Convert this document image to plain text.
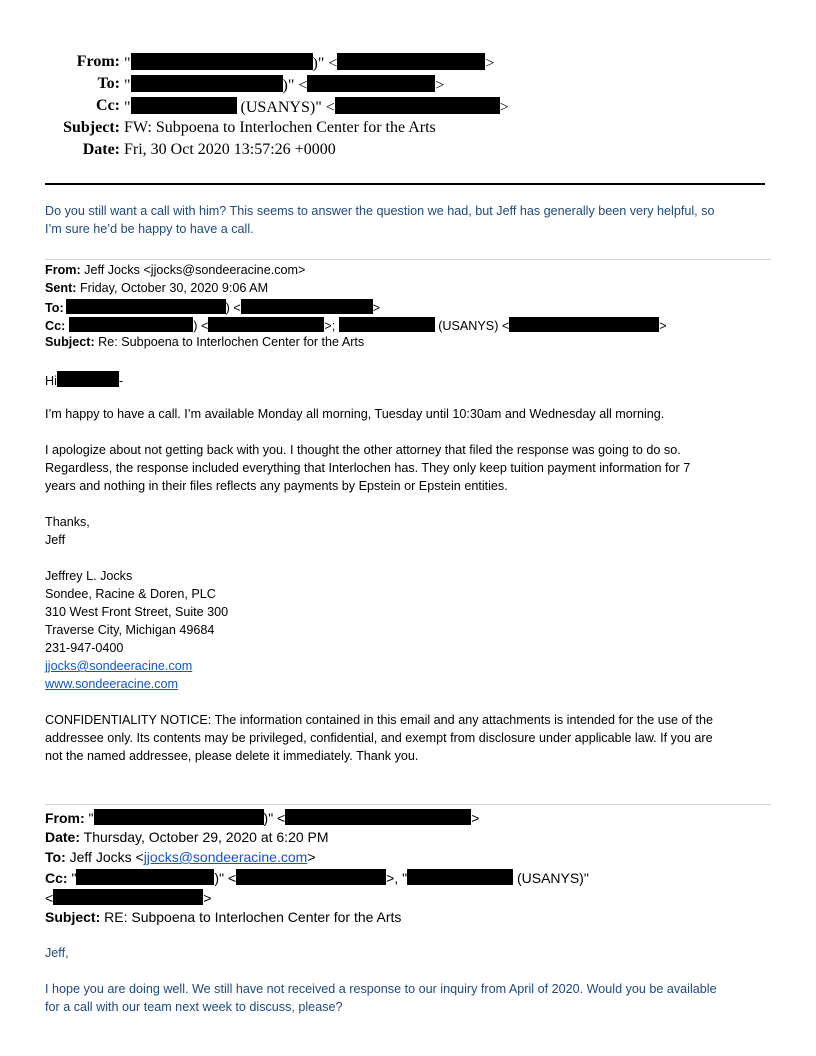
From: "	)" <	>
To: "	)" <	>
Cc: "	(USANYS)" <	>
Subject: FW: Subpoena to Interlochen Center for the Arts
Date: Fri, 30 Oct 2020 13:57:26 +0000
Do you still want a call with him? This seems to answer the question we had, but Jeff has generally been very helpful, so
I’m sure he’d be happy to have a call.
From: Jeff Jocks <jjocks@sondeeracine.com>
Sent: Friday, October 30, 2020 9:06 AM
To:	) <	>
Cc:	) <	>;	(USANYS) <	>
Subject: Re: Subpoena to Interlochen Center for the Arts
Hi	-
I’m happy to have a call. I’m available Monday all morning, Tuesday until 10:30am and Wednesday all morning.
I apologize about not getting back with you. I thought the other attorney that filed the response was going to do so.
Regardless, the response included everything that Interlochen has. They only keep tuition payment information for 7
years and nothing in their files reflects any payments by Epstein or Epstein entities.
Thanks,
Jeff
Jeffrey L. Jocks
Sondee, Racine & Doren, PLC
310 West Front Street, Suite 300
Traverse City, Michigan 49684
231-947-0400
jjocks@sondeeracine.com
www.sondeeracine.com
CONFIDENTIALITY NOTICE: The information contained in this email and any attachments is intended for the use of the
addressee only. Its contents may be privileged, confidential, and exempt from disclosure under applicable law. If you are
not the named addressee, please delete it immediately. Thank you.
From: "	)" <	>
Date: Thursday, October 29, 2020 at 6:20 PM
To: Jeff Jocks <jjocks@sondeeracine.com>
Cc: "	)" <	>, "	(USANYS)"
<	>
Subject: RE: Subpoena to Interlochen Center for the Arts
Jeff,
I hope you are doing well. We still have not received a response to our inquiry from April of 2020. Would you be available
for a call with our team next week to discuss, please?
